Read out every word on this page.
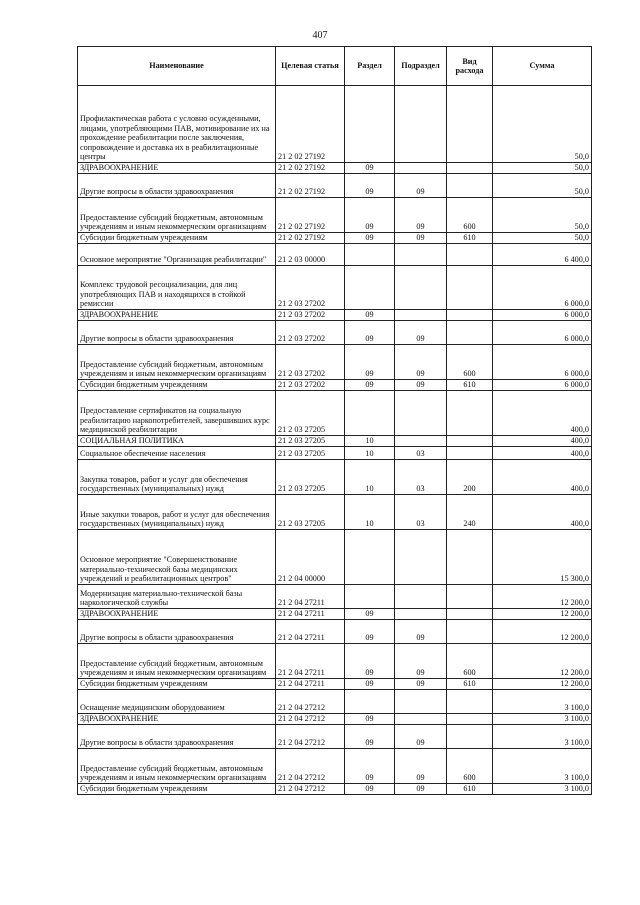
407
Наименование	Целевая статья	Раздел	Подраздел	Вид расхода	Сумма
Профилактическая работа с условно осужденными, лицами, употребляющими ПАВ, мотивирование их на прохождение реабилитации после заключения, сопровождение и доставка их в реабилитационные центры	21 2 02 27192				50,0
ЗДРАВООХРАНЕНИЕ	21 2 02 27192	09			50,0
Другие вопросы в области здравоохранения	21 2 02 27192	09	09		50,0
Предоставление субсидий бюджетным, автономным учреждениям и иным некоммерческим организациям	21 2 02 27192	09	09	600	50,0
Субсидии бюджетным учреждениям	21 2 02 27192	09	09	610	50,0
Основное мероприятие "Организация реабилитации"	21 2 03 00000				6 400,0
Комплекс трудовой ресоциализации, для лиц употребляющих ПАВ и находящихся в стойкой ремиссии	21 2 03 27202				6 000,0
ЗДРАВООХРАНЕНИЕ	21 2 03 27202	09			6 000,0
Другие вопросы в области здравоохранения	21 2 03 27202	09	09		6 000,0
Предоставление субсидий бюджетным, автономным учреждениям и иным некоммерческим организациям	21 2 03 27202	09	09	600	6 000,0
Субсидии бюджетным учреждениям	21 2 03 27202	09	09	610	6 000,0
Предоставление сертификатов на социальную реабилитацию наркопотребителей, завершивших курс медицинской реабилитации	21 2 03 27205				400,0
СОЦИАЛЬНАЯ ПОЛИТИКА	21 2 03 27205	10			400,0
Социальное обеспечение населения	21 2 03 27205	10	03		400,0
Закупка товаров, работ и услуг для обеспечения государственных (муниципальных) нужд	21 2 03 27205	10	03	200	400,0
Иные закупки товаров, работ и услуг для обеспечения государственных (муниципальных) нужд	21 2 03 27205	10	03	240	400,0
Основное мероприятие "Совершенствование материально-технической базы медицинских учреждений и реабилитационных центров"	21 2 04 00000				15 300,0
Модернизация материально-технической базы наркологической службы	21 2 04 27211				12 200,0
ЗДРАВООХРАНЕНИЕ	21 2 04 27211	09			12 200,0
Другие вопросы в области здравоохранения	21 2 04 27211	09	09		12 200,0
Предоставление субсидий бюджетным, автономным учреждениям и иным некоммерческим организациям	21 2 04 27211	09	09	600	12 200,0
Субсидии бюджетным учреждениям	21 2 04 27211	09	09	610	12 200,0
Оснащение медицинским оборудованием	21 2 04 27212				3 100,0
ЗДРАВООХРАНЕНИЕ	21 2 04 27212	09			3 100,0
Другие вопросы в области здравоохранения	21 2 04 27212	09	09		3 100,0
Предоставление субсидий бюджетным, автономным учреждениям и иным некоммерческим организациям	21 2 04 27212	09	09	600	3 100,0
Субсидии бюджетным учреждениям	21 2 04 27212	09	09	610	3 100,0
